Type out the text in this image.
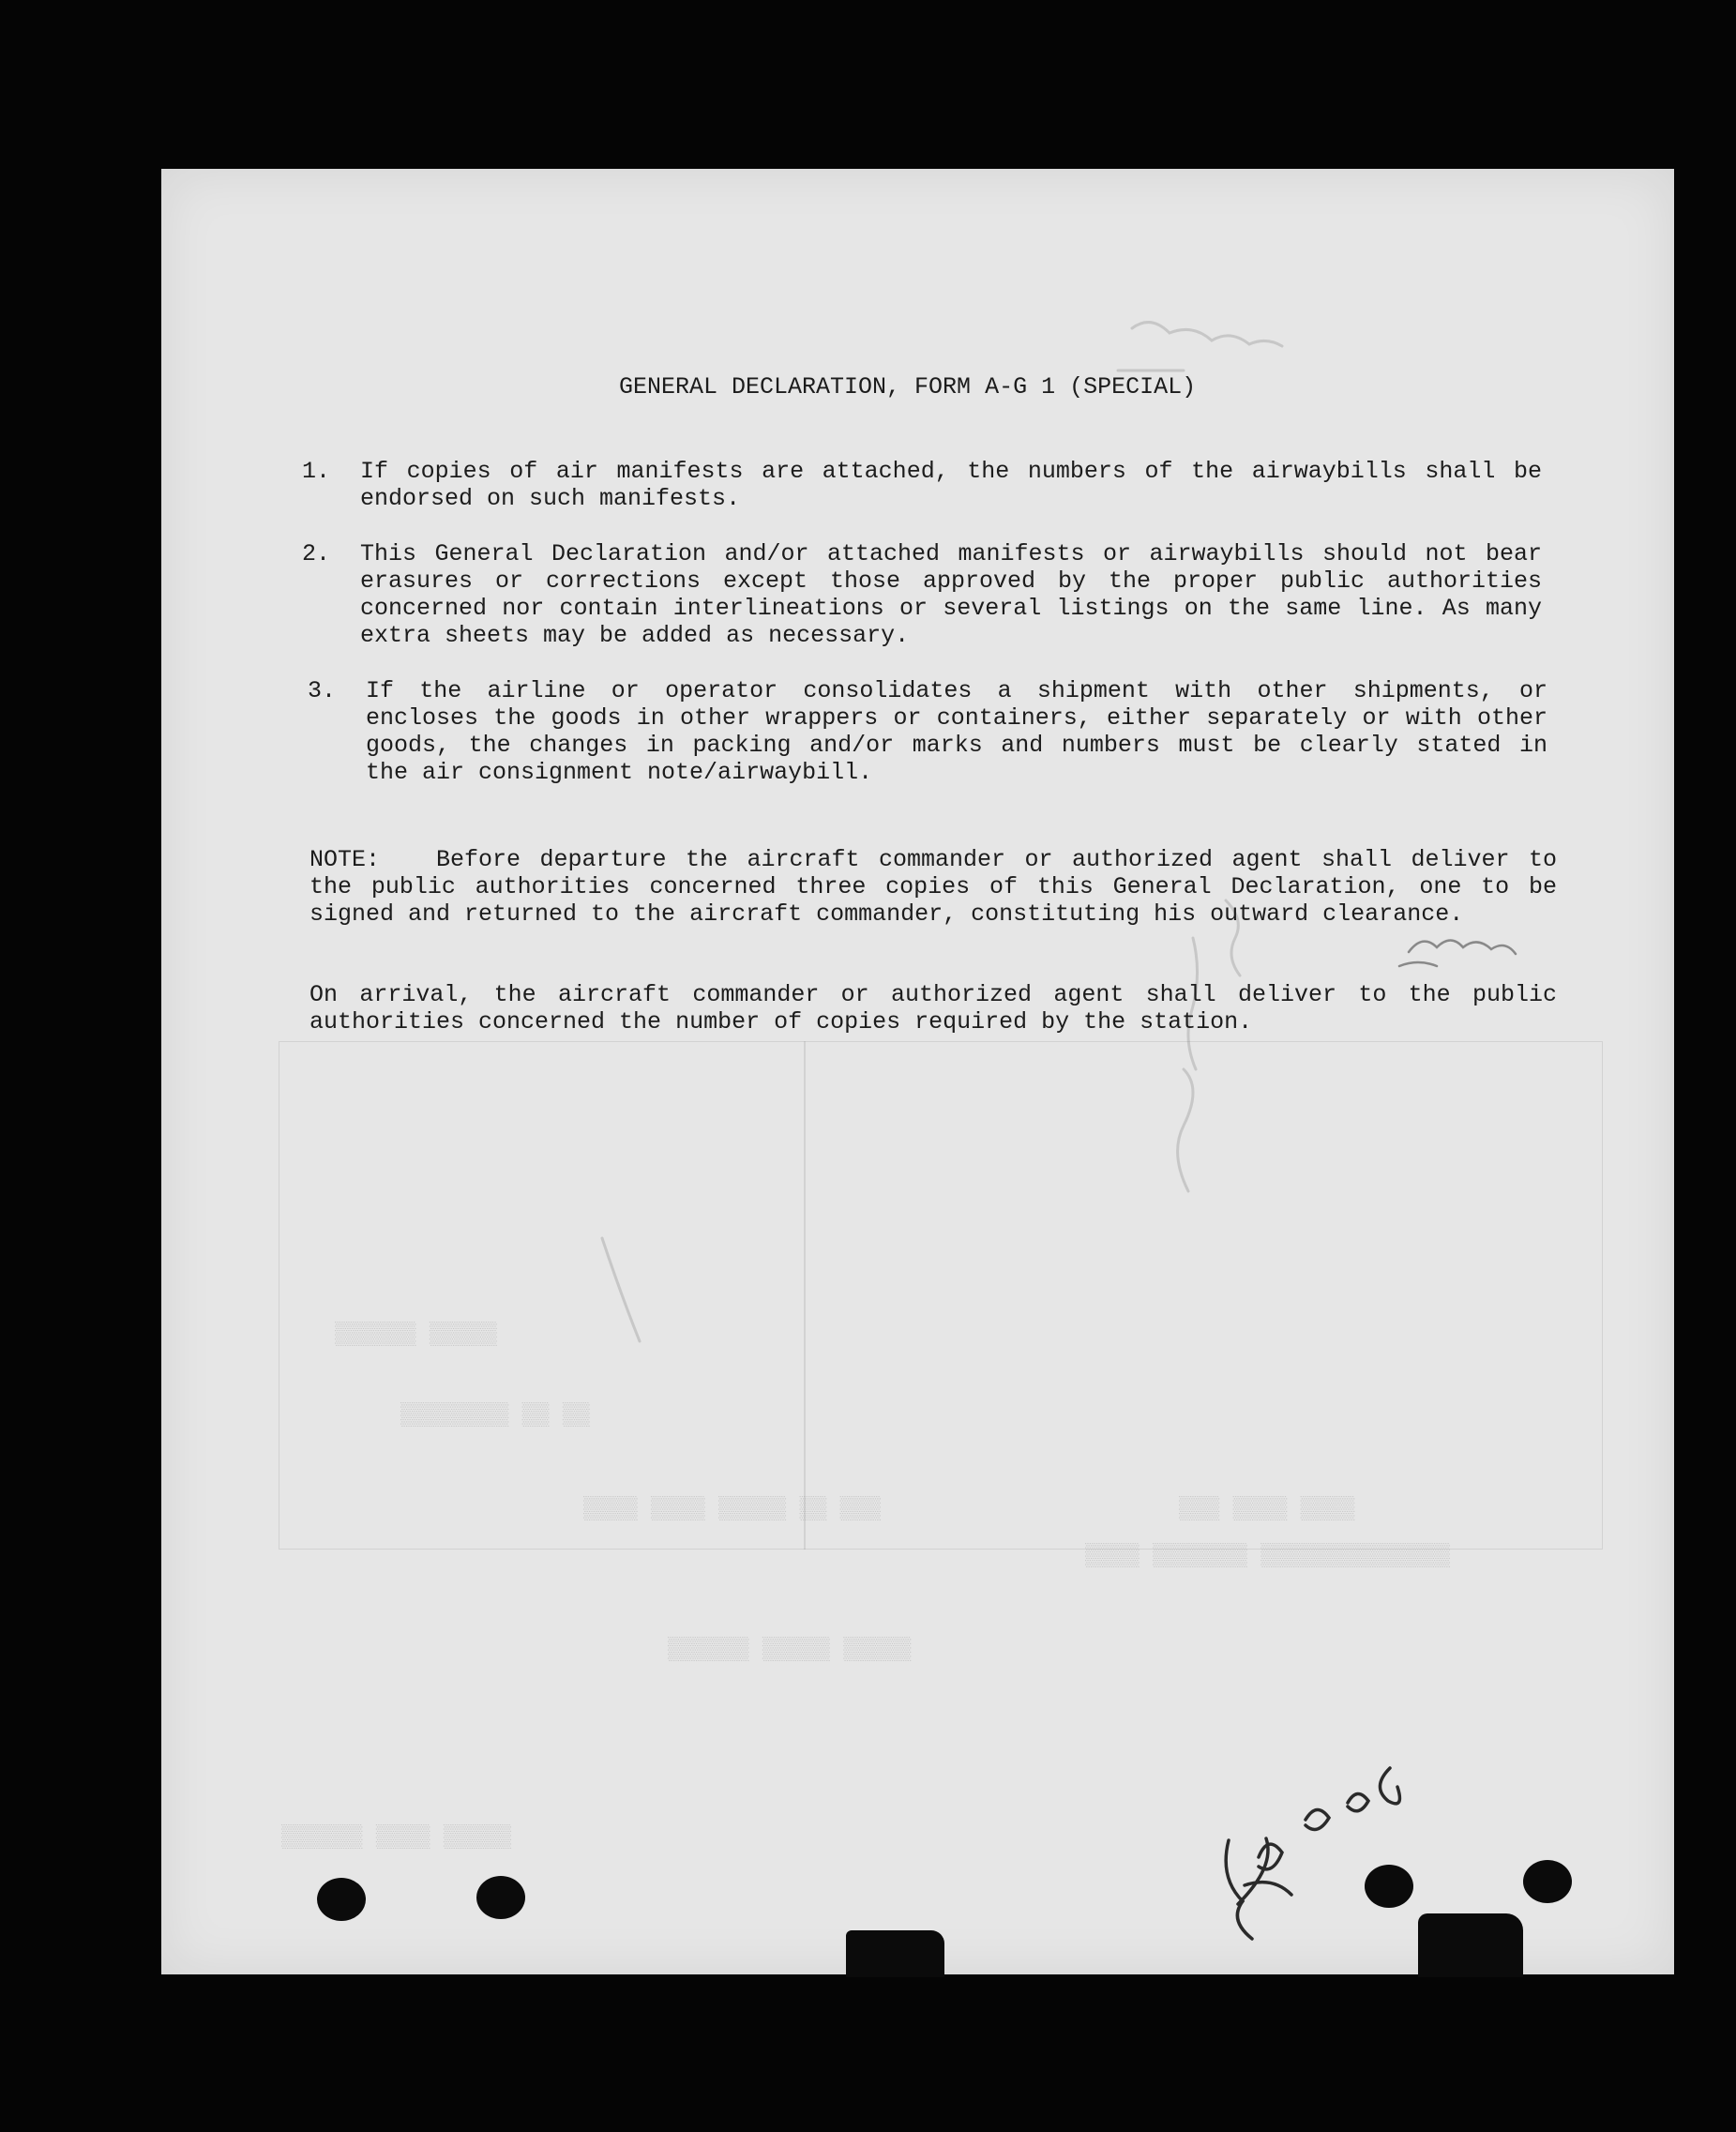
▒▒▒▒▒▒ ▒▒▒▒▒
▒▒▒▒▒▒▒▒ ▒▒ ▒▒
▒▒▒▒ ▒▒▒▒ ▒▒▒▒▒ ▒▒ ▒▒▒	▒▒▒ ▒▒▒▒ ▒▒▒▒
▒▒▒▒ ▒▒▒▒▒▒▒ ▒▒▒▒▒▒▒▒▒▒▒▒▒▒
▒▒▒▒▒▒ ▒▒▒▒▒ ▒▒▒▒▒
▒▒▒▒▒▒ ▒▒▒▒ ▒▒▒▒▒
GENERAL DECLARATION, FORM A-G 1 (SPECIAL)
1. If copies of air manifests are attached, the numbers of the airwaybills shall be endorsed on such manifests.
2. This General Declaration and/or attached manifests or airwaybills should not bear erasures or corrections except those approved by the proper public authorities concerned nor contain interlineations or several listings on the same line. As many extra sheets may be added as necessary.
3. If the airline or operator consolidates a shipment with other shipments, or encloses the goods in other wrappers or containers, either separately or with other goods, the changes in packing and/or marks and numbers must be clearly stated in the air consignment note/airwaybill.
NOTE: Before departure the aircraft commander or authorized agent shall deliver to the public authorities concerned three copies of this General Declaration, one to be signed and returned to the aircraft commander, constituting his outward clearance.
On arrival, the aircraft commander or authorized agent shall deliver to the public authorities concerned the number of copies required by the station.
